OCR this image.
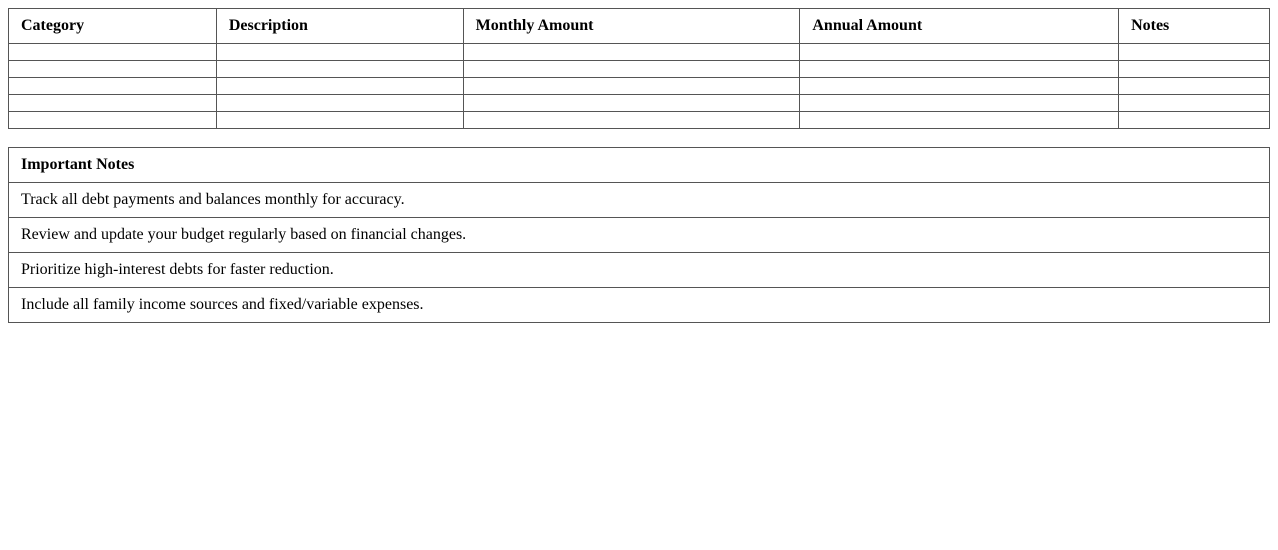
Category	Description	Monthly Amount	Annual Amount	Notes

Important Notes
Track all debt payments and balances monthly for accuracy.
Review and update your budget regularly based on financial changes.
Prioritize high-interest debts for faster reduction.
Include all family income sources and fixed/variable expenses.
